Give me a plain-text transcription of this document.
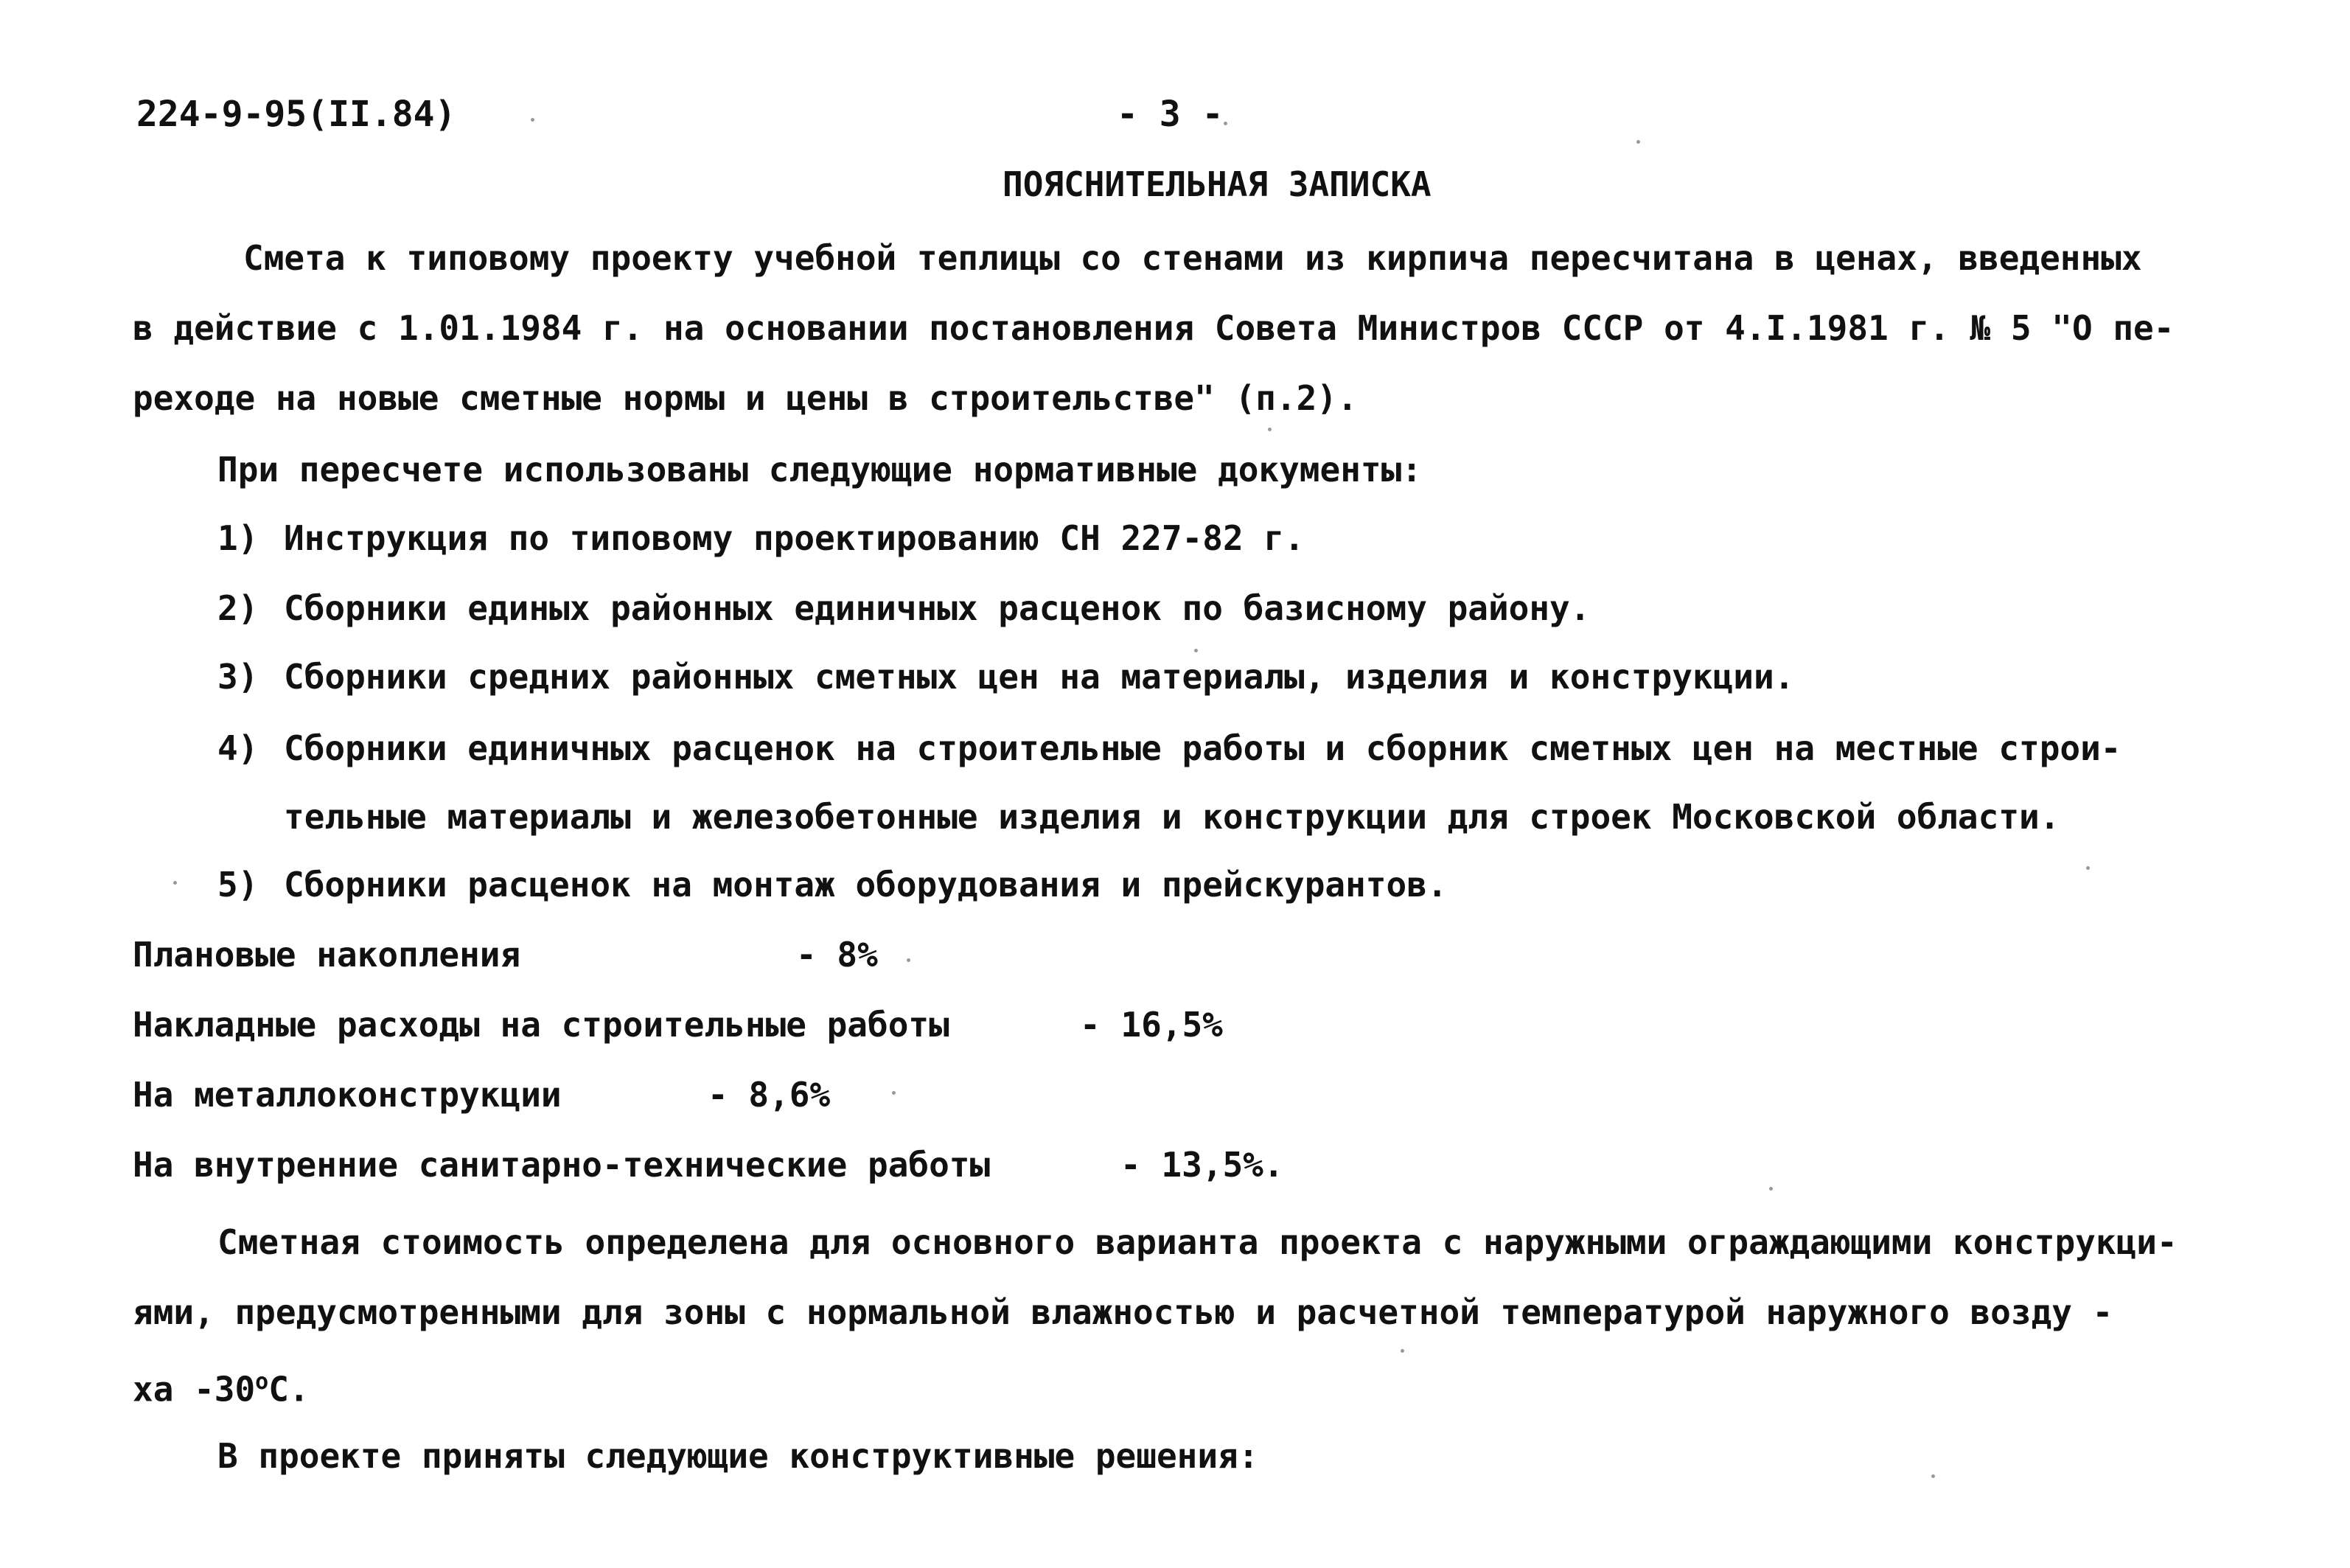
224-9-95(II.84)	- 3 -
ПОЯСНИТЕЛЬНАЯ ЗАПИСКА
Смета к типовому проекту учебной теплицы со стенами из кирпича пересчитана в ценах, введенных
в действие с 1.01.1984 г. на основании постановления Совета Министров СССР от 4.I.1981 г. № 5 "О пе-
реходе на новые сметные нормы и цены в строительстве" (п.2).
При пересчете использованы следующие нормативные документы:
1) Инструкция по типовому проектированию СН 227-82 г.
2) Сборники единых районных единичных расценок по базисному району.
3) Сборники средних районных сметных цен на материалы, изделия и конструкции.
4) Сборники единичных расценок на строительные работы и сборник сметных цен на местные строи-
тельные материалы и железобетонные изделия и конструкции для строек Московской области.
5) Сборники расценок на монтаж оборудования и прейскурантов.
Плановые накопления	- 8%
Накладные расходы на строительные работы	- 16,5%
На металлоконструкции	- 8,6%
На внутренние санитарно-технические работы	- 13,5%.
Сметная стоимость определена для основного варианта проекта с наружными ограждающими конструкци-
ями, предусмотренными для зоны с нормальной влажностью и расчетной температурой наружного возду -
ха $-30^оС$.
В проекте приняты следующие конструктивные решения:
